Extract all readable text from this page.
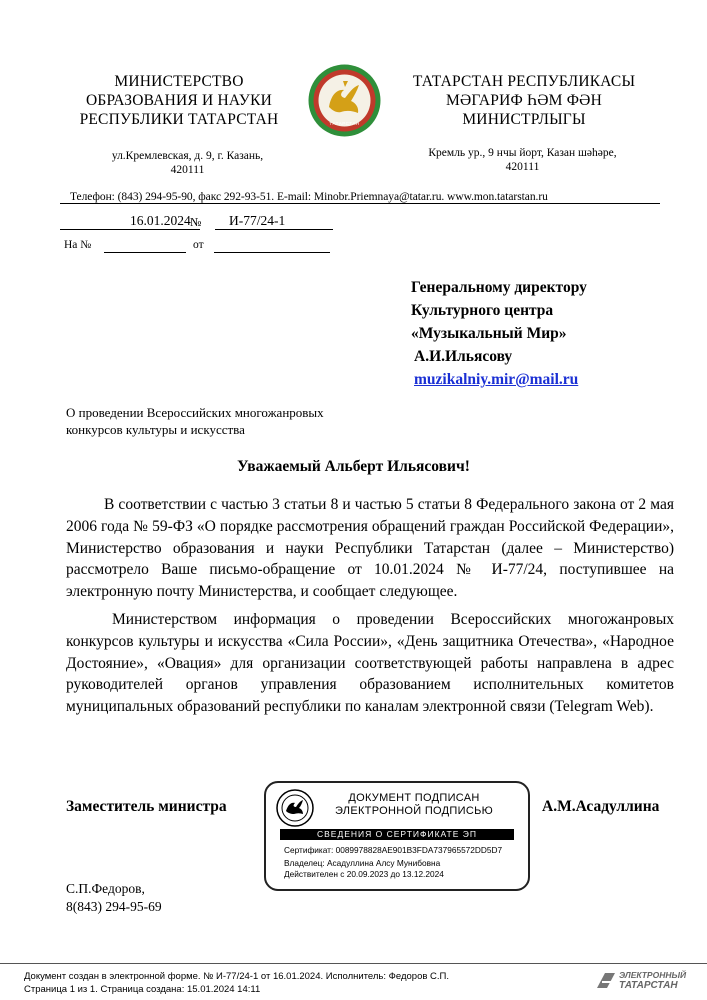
МИНИСТЕРСТВО
ОБРАЗОВАНИЯ И НАУКИ
РЕСПУБЛИКИ ТАТАРСТАН	ТАТАРСТАН
ТАТАРСТАН РЕСПУБЛИКАСЫ
МӘГАРИФ ҺӘМ ФӘН
МИНИСТРЛЫГЫ
ул.Кремлевская, д. 9, г. Казань,
420111
Кремль ур., 9 нчы йорт, Казан шәһәре,
420111
Телефон: (843) 294-95-90, факс 292-93-51. E-mail: Minobr.Priemnaya@tatar.ru. www.mon.tatarstan.ru
16.01.2024 № И-77/24-1
На №	от
Генеральному директору
Культурного центра
«Музыкальный Мир»
А.И.Ильясову
muzikalniy.mir@mail.ru
О проведении Всероссийских многожанровых
конкурсов культуры и искусства
Уважаемый Альберт Ильясович!

В соответствии с частью 3 статьи 8 и частью 5 статьи 8 Федерального закона от 2 мая 2006 года № 59-ФЗ «О порядке рассмотрения обращений граждан Российской Федерации», Министерство образования и науки Республики Татарстан (далее – Министерство) рассмотрело Ваше письмо-обращение от 10.01.2024 № И-77/24, поступившее на электронную почту Министерства, и сообщает следующее.

Министерством информация о проведении Всероссийских многожанровых конкурсов культуры и искусства «Сила России», «День защитника Отечества», «Народное Достояние», «Овация» для организации соответствующей работы направлена в адрес руководителей органов управления образованием исполнительных комитетов муниципальных образований республики по каналам электронной связи (Telegram Web).

Заместитель министра	А.М.Асадуллина
ДОКУМЕНТ ПОДПИСАН
ЭЛЕКТРОННОЙ ПОДПИСЬЮ
СВЕДЕНИЯ О СЕРТИФИКАТЕ ЭП
Сертификат: 0089978828AE901B3FDA737965572DD5D7
Владелец: Асадуллина Алсу Мунибовна
Действителен с 20.09.2023 до 13.12.2024
С.П.Федоров,
8(843) 294-95-69
Документ создан в электронной форме. № И-77/24-1 от 16.01.2024. Исполнитель: Федоров С.П.
Страница 1 из 1. Страница создана: 15.01.2024 14:11
ЭЛЕКТРОННЫЙ
ТАТАРСТАН
